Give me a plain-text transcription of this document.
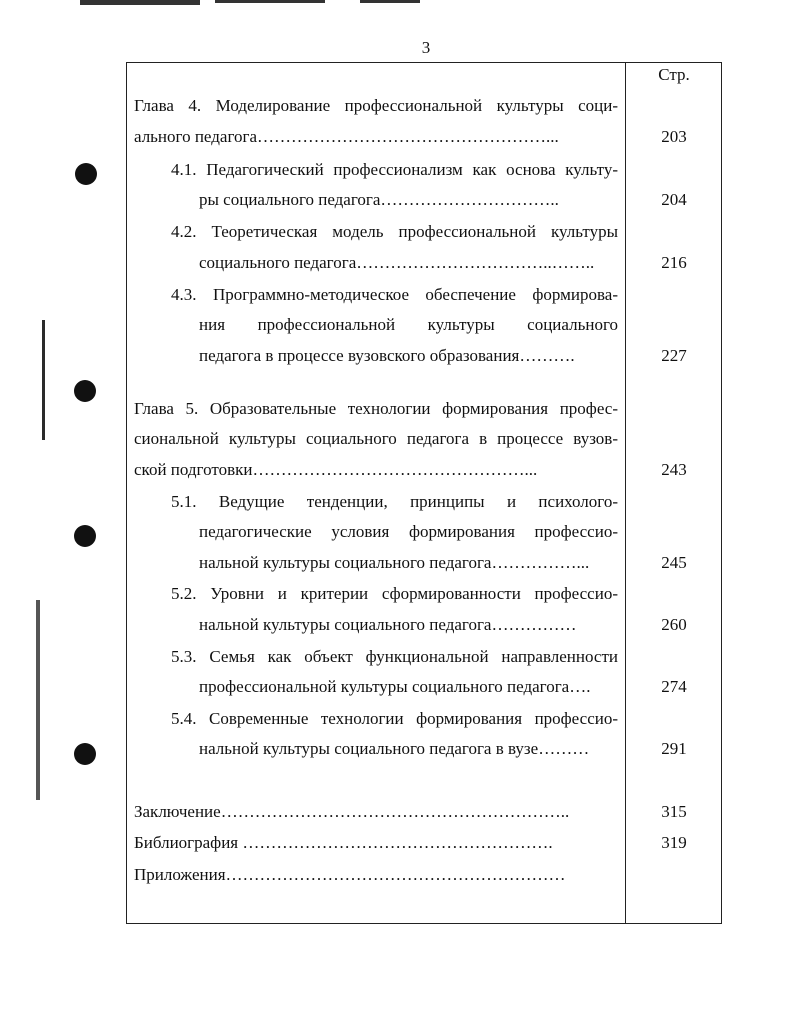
3
Стр.
Глава 4. Моделирование профессиональной культуры соци-
ального педагога……………………………………………...	203
4.1. Педагогический профессионализм как основа культу-
ры социального педагога…………………………..	204
4.2. Теоретическая модель профессиональной культуры
социального педагога……………………………..……..	216
4.3. Программно-методическое обеспечение формирова-
ния профессиональной культуры социального
педагога в процессе вузовского образования……….	227
Глава 5. Образовательные технологии формирования профес-
сиональной культуры социального педагога в процессе вузов-
ской подготовки…………………………………………...	243
5.1. Ведущие тенденции, принципы и психолого-
педагогические условия формирования профессио-
нальной культуры социального педагога……………...	245
5.2. Уровни и критерии сформированности профессио-
нальной культуры социального педагога……………	260
5.3. Семья как объект функциональной направленности
профессиональной культуры социального педагога….	274
5.4. Современные технологии формирования профессио-
нальной культуры социального педагога в вузе………	291
Заключение……………………………………………………..	315
Библиография ……………………………………………….	319
Приложения……………………………………………………
